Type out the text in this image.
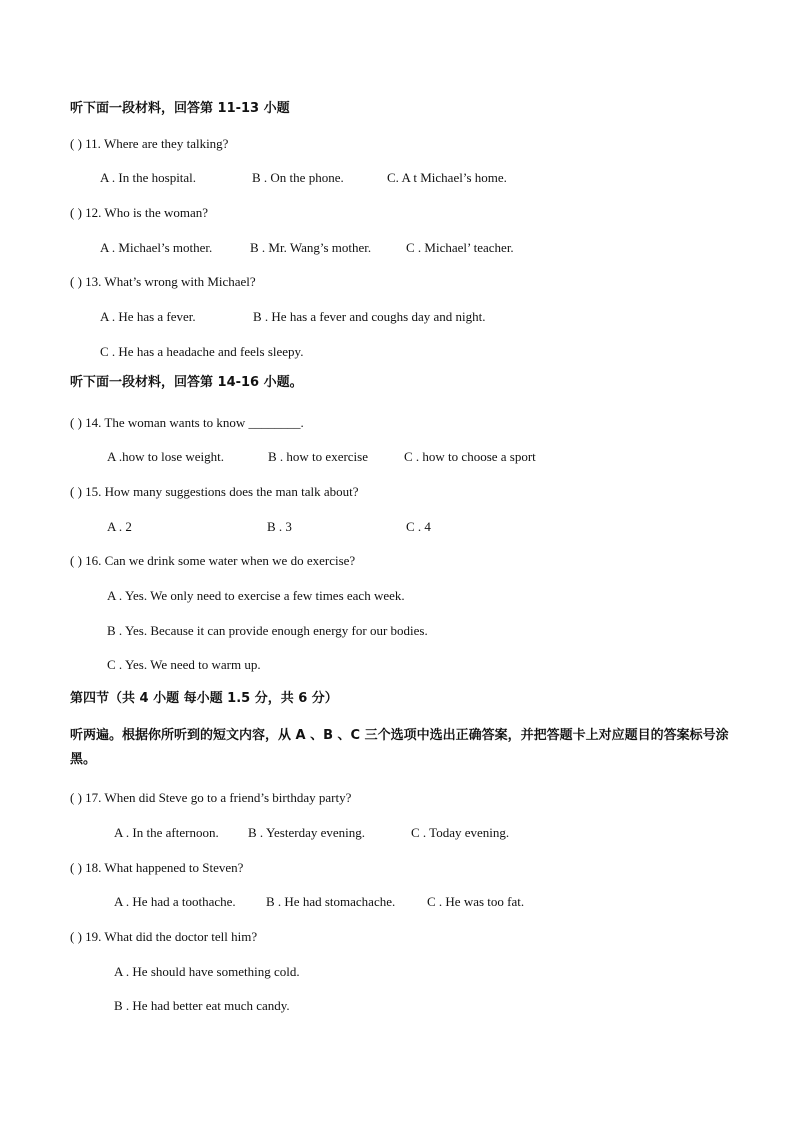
听下面一段材料，回答第 11-13 小题
( ) 11. Where are they talking?
A . In the hospital.	B . On the phone.	C. A t Michael’s home.
( ) 12. Who is the woman?
A . Michael’s mother.	B . Mr. Wang’s mother.	C . Michael’ teacher.
( ) 13. What’s wrong with Michael?
A . He has a fever.	B . He has a fever and coughs day and night.
C . He has a headache and feels sleepy.
听下面一段材料，回答第 14-16 小题。
( ) 14. The woman wants to know ________.
A .how to lose weight.	B . how to exercise	C . how to choose a sport
( ) 15. How many suggestions does the man talk about?
A . 2	B . 3	C . 4
( ) 16. Can we drink some water when we do exercise?
A . Yes. We only need to exercise a few times each week.
B . Yes. Because it can provide enough energy for our bodies.
C . Yes. We need to warm up.
第四节（共 4 小题 每小题 1.5 分，共 6 分）
听两遍。根据你所听到的短文内容，从 A 、B 、C 三个选项中选出正确答案，并把答题卡上对应题目的答案标号涂黑。
( ) 17. When did Steve go to a friend’s birthday party?
A . In the afternoon. B . Yesterday evening.	C . Today evening.
( ) 18. What happened to Steven?
A . He had a toothache. B . He had stomachache. C . He was too fat.
( ) 19. What did the doctor tell him?
A . He should have something cold.
B . He had better eat much candy.
